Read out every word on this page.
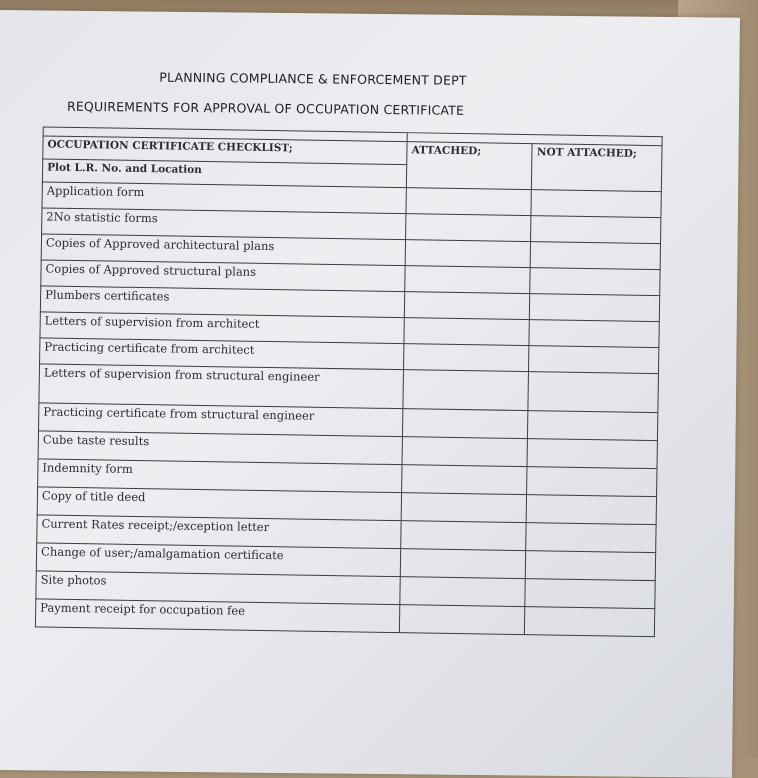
PLANNING COMPLIANCE & ENFORCEMENT DEPT
REQUIREMENTS FOR APPROVAL OF OCCUPATION CERTIFICATE

OCCUPATION CERTIFICATE CHECKLIST;	ATTACHED;	NOT ATTACHED;
Plot L.R. No. and Location		
Application form		
2No statistic forms		
Copies of Approved architectural plans		
Copies of Approved structural plans		
Plumbers certificates		
Letters of supervision from architect		
Practicing certificate from architect		
Letters of supervision from structural engineer		
Practicing certificate from structural engineer		
Cube taste results		
Indemnity form		
Copy of title deed		
Current Rates receipt;/exception letter		
Change of user;/amalgamation certificate		
Site photos		
Payment receipt for occupation fee		
